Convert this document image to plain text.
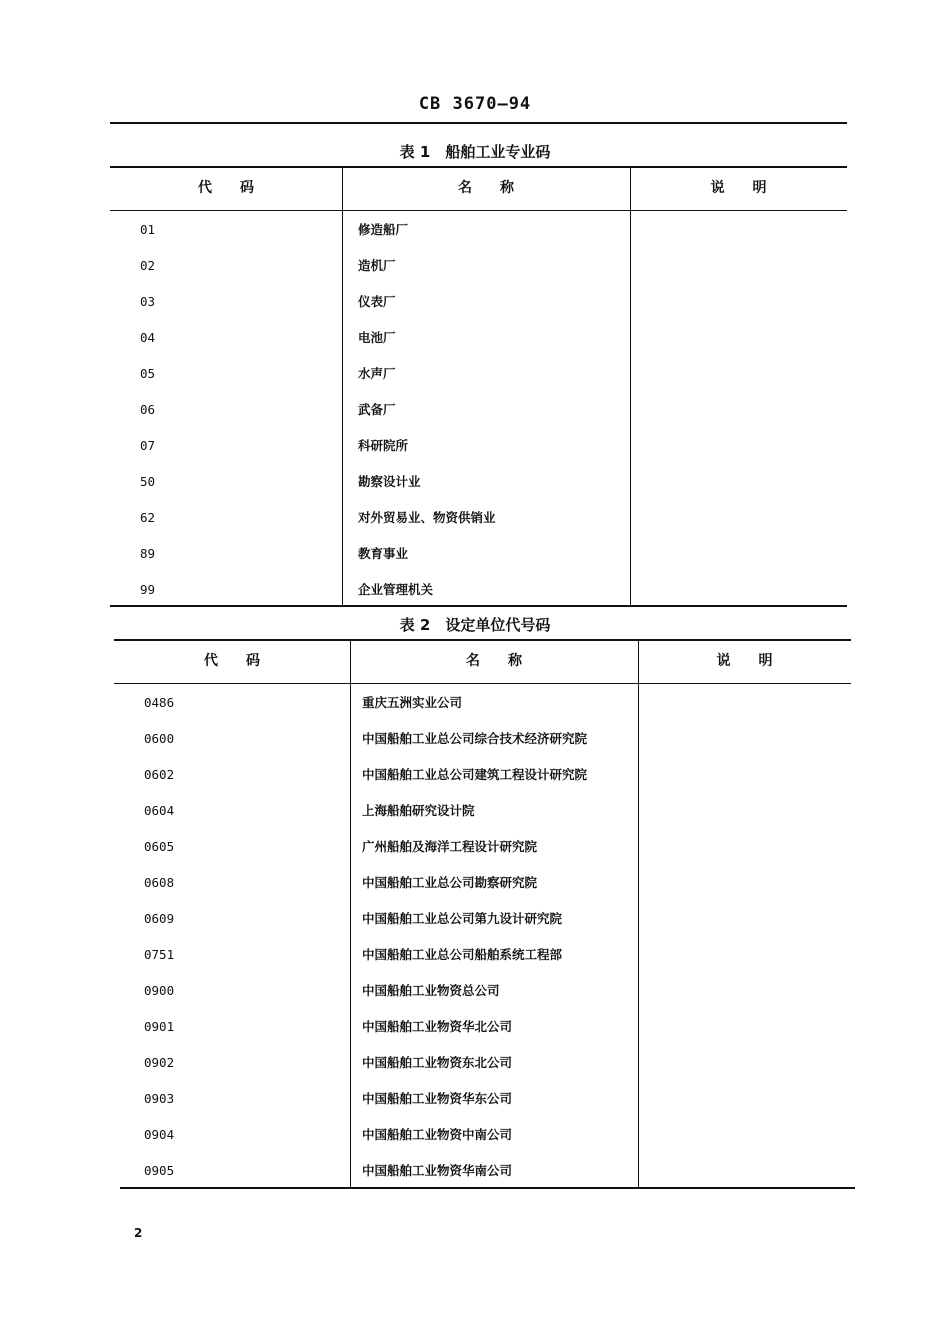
CB 3670—94
表 1　船舶工业专业码
代　　码	名　　称	说　　明
01	修造船厂
02	造机厂
03	仪表厂
04	电池厂
05	水声厂
06	武备厂
07	科研院所
50	勘察设计业
62	对外贸易业、物资供销业
89	教育事业
99	企业管理机关
表 2　设定单位代号码
代　　码	名　　称	说　　明
0486	重庆五洲实业公司
0600	中国船舶工业总公司综合技术经济研究院
0602	中国船舶工业总公司建筑工程设计研究院
0604	上海船舶研究设计院
0605	广州船舶及海洋工程设计研究院
0608	中国船舶工业总公司勘察研究院
0609	中国船舶工业总公司第九设计研究院
0751	中国船舶工业总公司船舶系统工程部
0900	中国船舶工业物资总公司
0901	中国船舶工业物资华北公司
0902	中国船舶工业物资东北公司
0903	中国船舶工业物资华东公司
0904	中国船舶工业物资中南公司
0905	中国船舶工业物资华南公司
2
